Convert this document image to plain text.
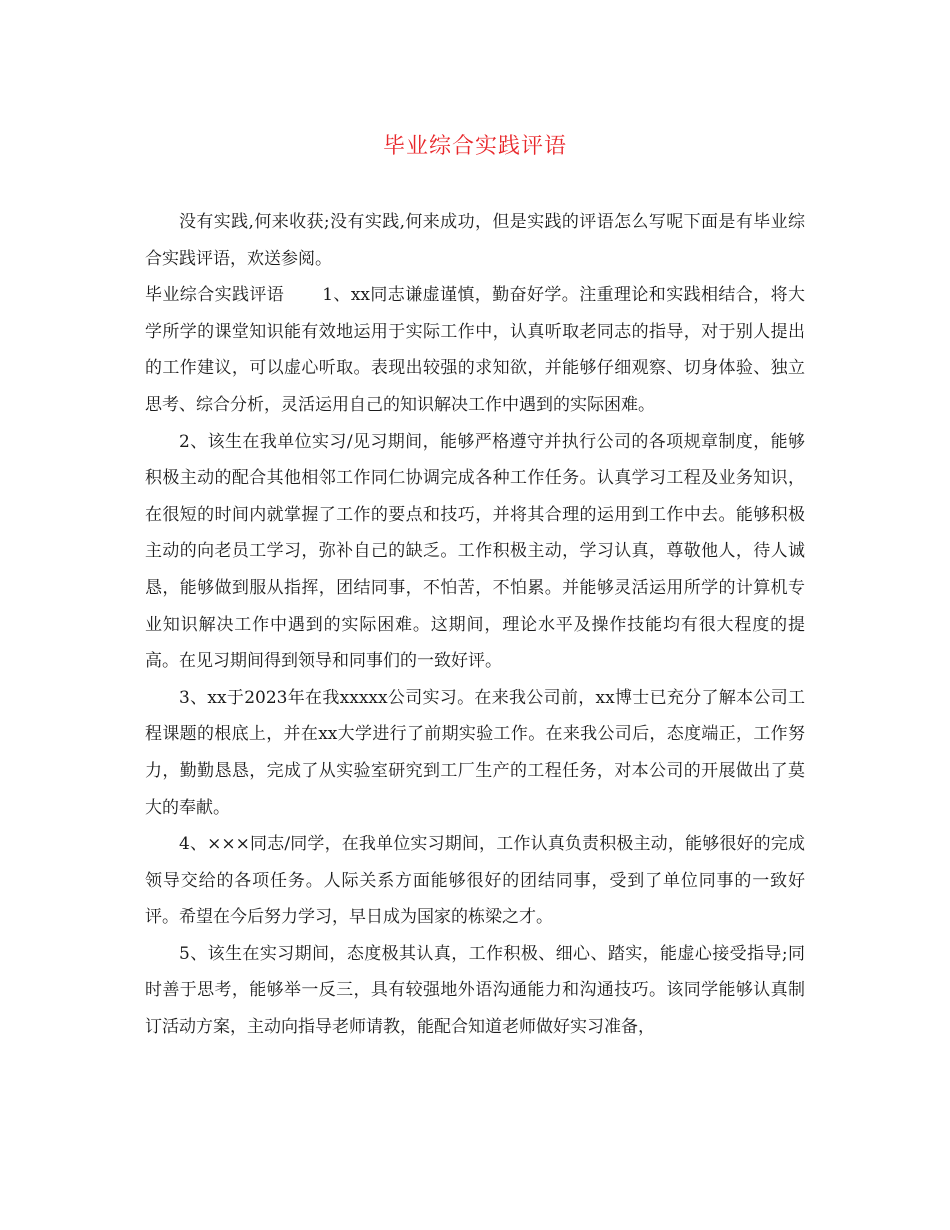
毕业综合实践评语

没有实践,何来收获;没有实践,何来成功，但是实践的评语怎么写呢下面是有毕业综合实践评语，欢送参阅。

毕业综合实践评语 1、xx同志谦虚谨慎，勤奋好学。注重理论和实践相结合，将大学所学的课堂知识能有效地运用于实际工作中，认真听取老同志的指导，对于别人提出的工作建议，可以虚心听取。表现出较强的求知欲，并能够仔细观察、切身体验、独立思考、综合分析，灵活运用自己的知识解决工作中遇到的实际困难。

2、该生在我单位实习/见习期间，能够严格遵守并执行公司的各项规章制度，能够积极主动的配合其他相邻工作同仁协调完成各种工作任务。认真学习工程及业务知识，在很短的时间内就掌握了工作的要点和技巧，并将其合理的运用到工作中去。能够积极主动的向老员工学习，弥补自己的缺乏。工作积极主动，学习认真，尊敬他人，待人诚恳，能够做到服从指挥，团结同事，不怕苦，不怕累。并能够灵活运用所学的计算机专业知识解决工作中遇到的实际困难。这期间，理论水平及操作技能均有很大程度的提高。在见习期间得到领导和同事们的一致好评。

3、xx于2023年在我xxxxx公司实习。在来我公司前，xx博士已充分了解本公司工程课题的根底上，并在xx大学进行了前期实验工作。在来我公司后，态度端正，工作努力，勤勤恳恳，完成了从实验室研究到工厂生产的工程任务，对本公司的开展做出了莫大的奉献。

4、×××同志/同学，在我单位实习期间，工作认真负责积极主动，能够很好的完成领导交给的各项任务。人际关系方面能够很好的团结同事，受到了单位同事的一致好评。希望在今后努力学习，早日成为国家的栋梁之才。

5、该生在实习期间，态度极其认真，工作积极、细心、踏实，能虚心接受指导;同时善于思考，能够举一反三，具有较强地外语沟通能力和沟通技巧。该同学能够认真制订活动方案，主动向指导老师请教，能配合知道老师做好实习准备，
